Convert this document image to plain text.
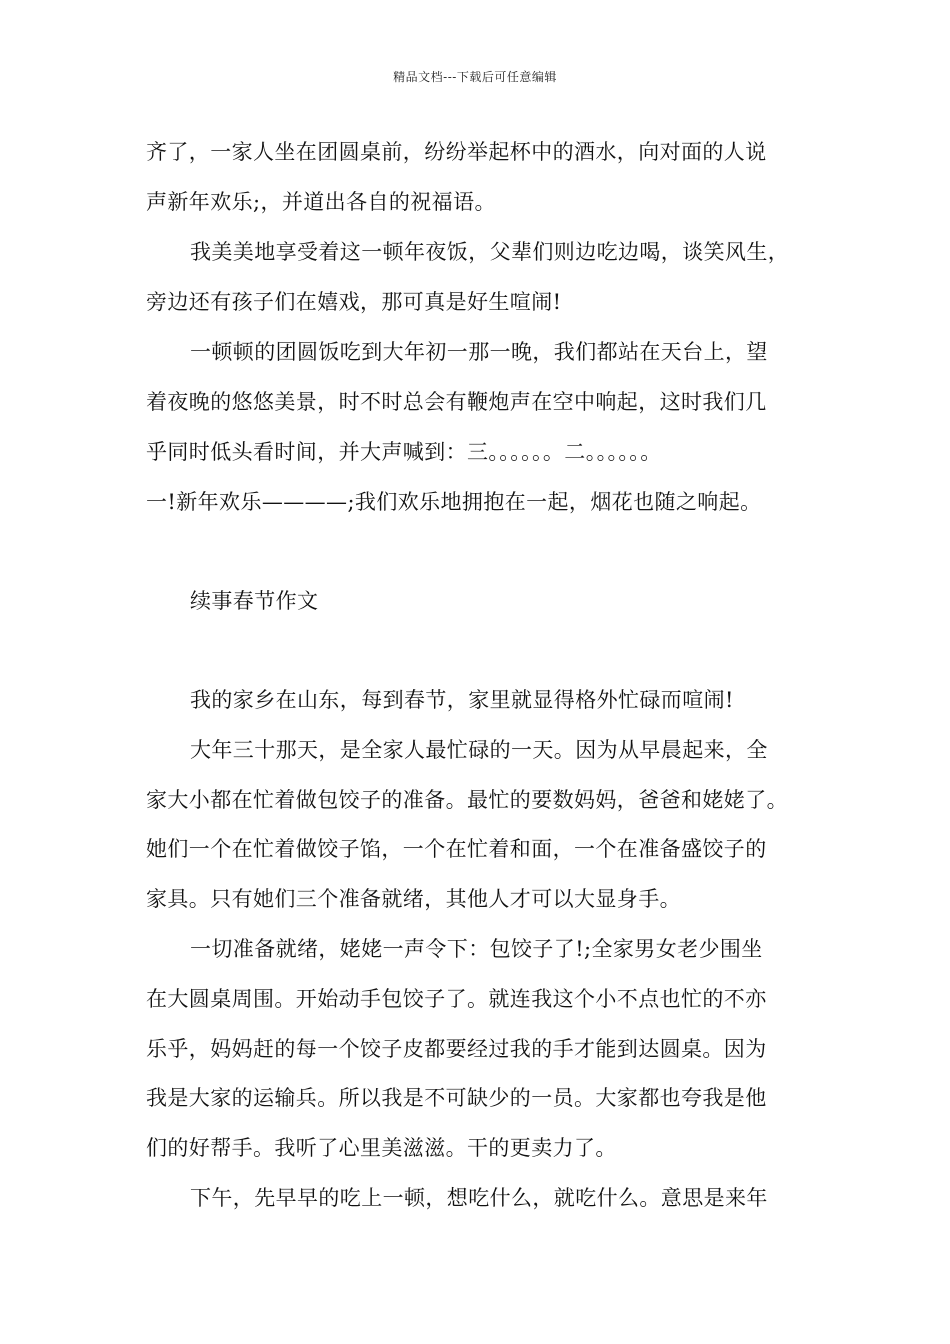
精品文档---下载后可任意编辑
齐了，一家人坐在团圆桌前，纷纷举起杯中的酒水，向对面的人说
声新年欢乐;，并道出各自的祝福语。
我美美地享受着这一顿年夜饭，父辈们则边吃边喝，谈笑风生，
旁边还有孩子们在嬉戏，那可真是好生喧闹!
一顿顿的团圆饭吃到大年初一那一晚，我们都站在天台上，望
着夜晚的悠悠美景，时不时总会有鞭炮声在空中响起，这时我们几
乎同时低头看时间，并大声喊到：三。。。。。。二。。。。。。
一!新年欢乐————;我们欢乐地拥抱在一起，烟花也随之响起。
续事春节作文
我的家乡在山东，每到春节，家里就显得格外忙碌而喧闹!
大年三十那天，是全家人最忙碌的一天。因为从早晨起来，全
家大小都在忙着做包饺子的准备。最忙的要数妈妈，爸爸和姥姥了。
她们一个在忙着做饺子馅，一个在忙着和面，一个在准备盛饺子的
家具。只有她们三个准备就绪，其他人才可以大显身手。
一切准备就绪，姥姥一声令下：包饺子了!;全家男女老少围坐
在大圆桌周围。开始动手包饺子了。就连我这个小不点也忙的不亦
乐乎，妈妈赶的每一个饺子皮都要经过我的手才能到达圆桌。因为
我是大家的运输兵。所以我是不可缺少的一员。大家都也夸我是他
们的好帮手。我听了心里美滋滋。干的更卖力了。
下午，先早早的吃上一顿，想吃什么，就吃什么。意思是来年
